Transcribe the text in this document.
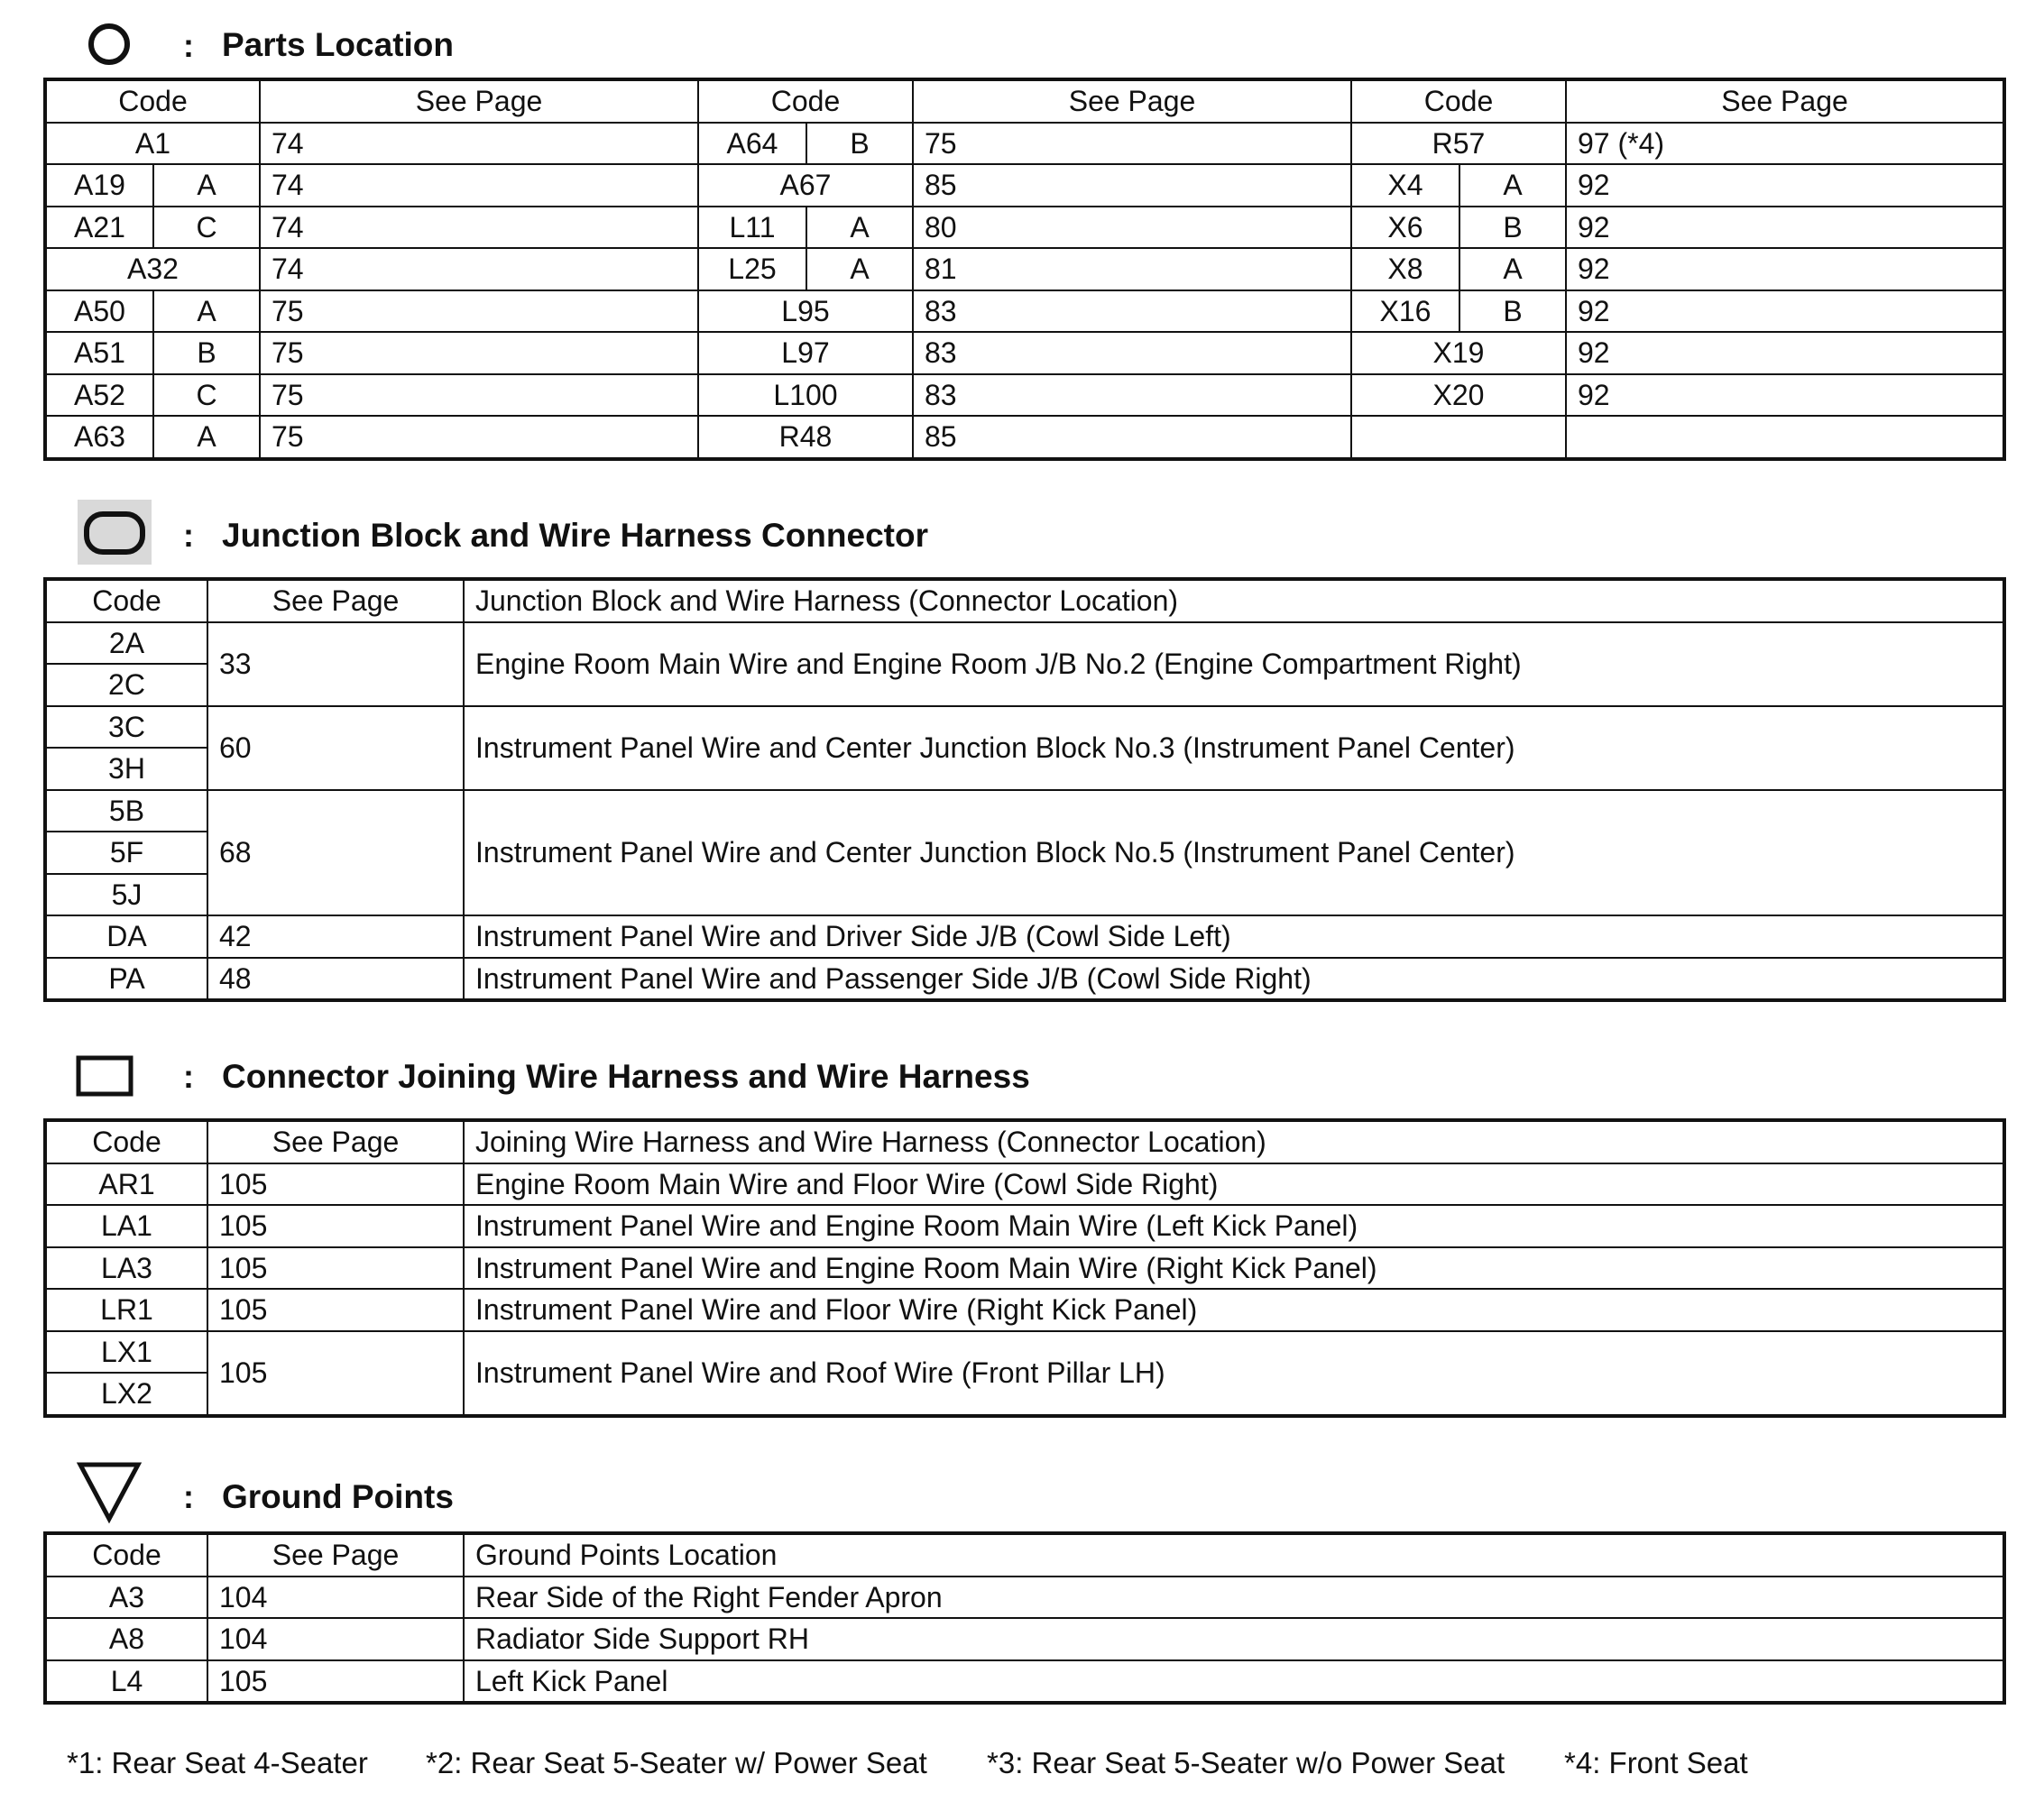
: Parts Location
Code		See Page	Code		See Page	Code		See Page
A1		74	A64	B	75	R57		97 (*4)
A19	A	74	A67		85	X4	A	92
A21	C	74	L11	A	80	X6	B	92
A32		74	L25	A	81	X8	A	92
A50	A	75	L95		83	X16	B	92
A51	B	75	L97		83	X19		92
A52	C	75	L100		83	X20		92
A63	A	75	R48		85			
: Junction Block and Wire Harness Connector
Code	See Page	Junction Block and Wire Harness (Connector Location)
2A	33	Engine Room Main Wire and Engine Room J/B No.2 (Engine Compartment Right)
2C		
3C	60	Instrument Panel Wire and Center Junction Block No.3 (Instrument Panel Center)
3H		
5B	68	Instrument Panel Wire and Center Junction Block No.5 (Instrument Panel Center)
5F		
5J		
DA	42	Instrument Panel Wire and Driver Side J/B (Cowl Side Left)
PA	48	Instrument Panel Wire and Passenger Side J/B (Cowl Side Right)
: Connector Joining Wire Harness and Wire Harness
Code	See Page	Joining Wire Harness and Wire Harness (Connector Location)
AR1	105	Engine Room Main Wire and Floor Wire (Cowl Side Right)
LA1	105	Instrument Panel Wire and Engine Room Main Wire (Left Kick Panel)
LA3	105	Instrument Panel Wire and Engine Room Main Wire (Right Kick Panel)
LR1	105	Instrument Panel Wire and Floor Wire (Right Kick Panel)
LX1	105	Instrument Panel Wire and Roof Wire (Front Pillar LH)
LX2		
: Ground Points
Code	See Page	Ground Points Location
A3	104	Rear Side of the Right Fender Apron
A8	104	Radiator Side Support RH
L4	105	Left Kick Panel
*1: Rear Seat 4-Seater *2: Rear Seat 5-Seater w/ Power Seat *3: Rear Seat 5-Seater w/o Power Seat *4: Front Seat
